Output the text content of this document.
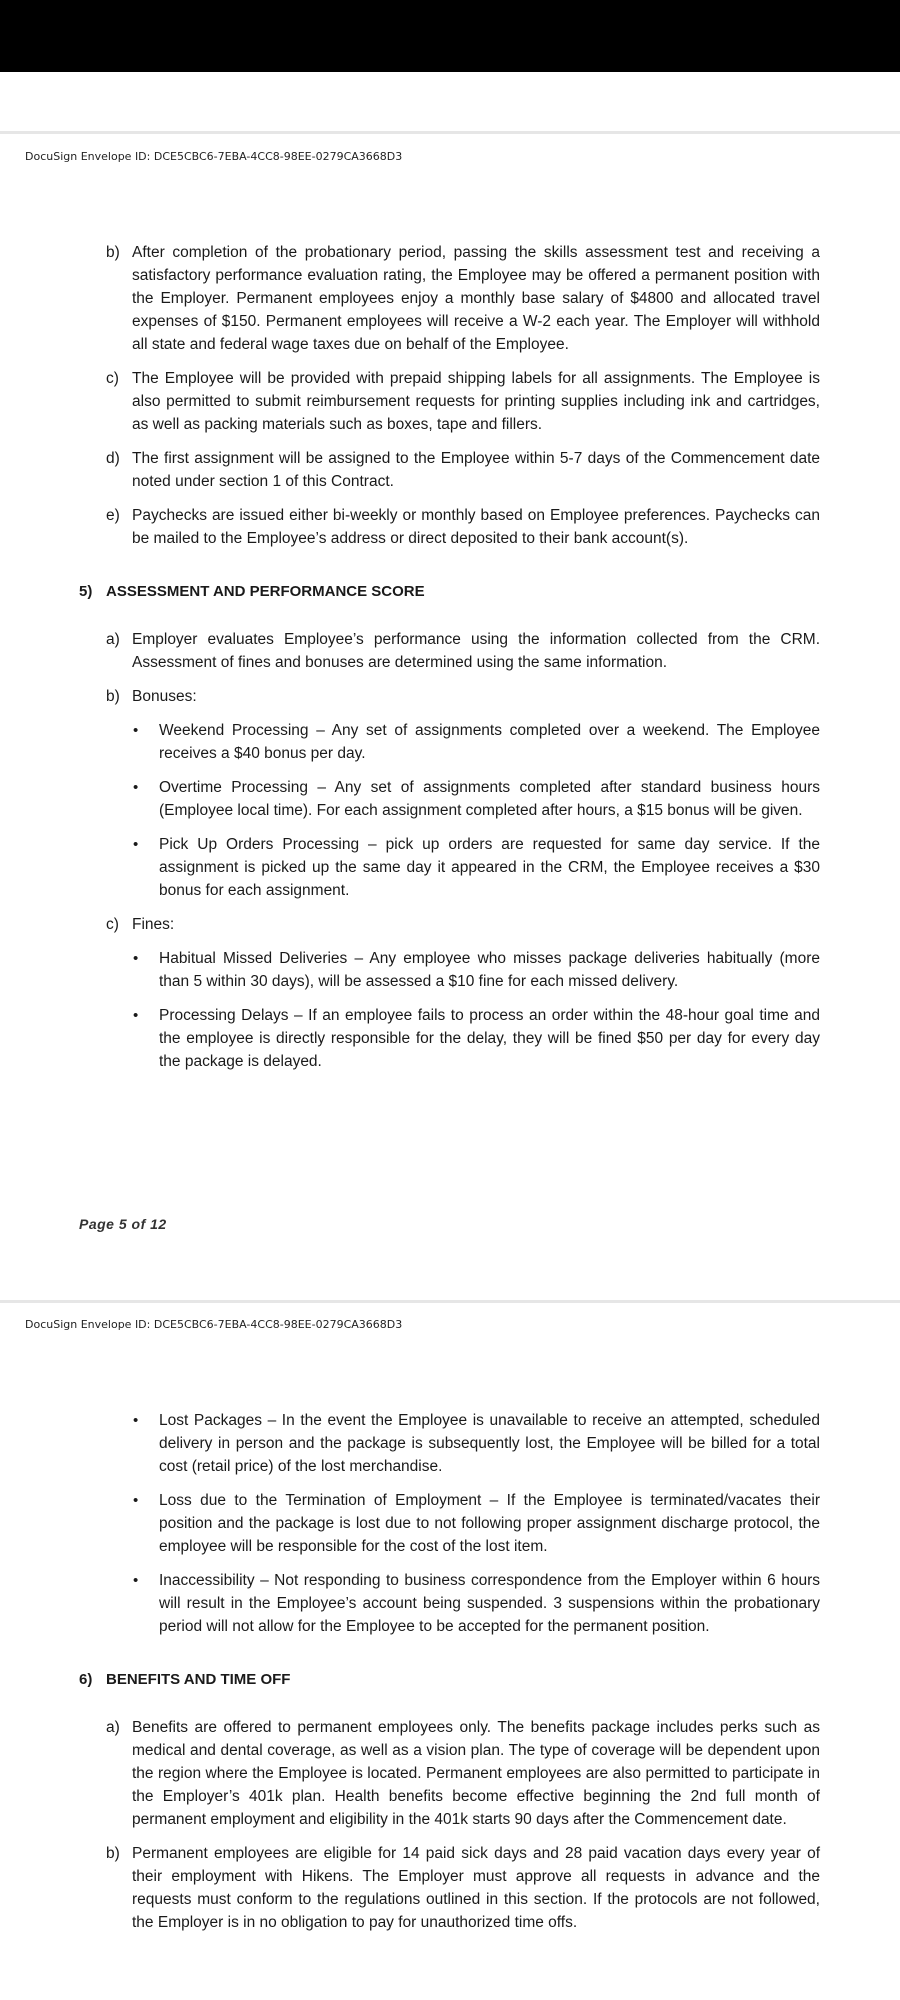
DocuSign Envelope ID: DCE5CBC6-7EBA-4CC8-98EE-0279CA3668D3
b) After completion of the probationary period, passing the skills assessment test and receiving a satisfactory performance evaluation rating, the Employee may be offered a permanent position with the Employer. Permanent employees enjoy a monthly base salary of $4800 and allocated travel expenses of $150. Permanent employees will receive a W-2 each year. The Employer will withhold all state and federal wage taxes due on behalf of the Employee.
c) The Employee will be provided with prepaid shipping labels for all assignments. The Employee is also permitted to submit reimbursement requests for printing supplies including ink and cartridges, as well as packing materials such as boxes, tape and fillers.
d) The first assignment will be assigned to the Employee within 5-7 days of the Commencement date noted under section 1 of this Contract.
e) Paychecks are issued either bi-weekly or monthly based on Employee preferences. Paychecks can be mailed to the Employee’s address or direct deposited to their bank account(s).
5) ASSESSMENT AND PERFORMANCE SCORE
a) Employer evaluates Employee’s performance using the information collected from the CRM. Assessment of fines and bonuses are determined using the same information.
b) Bonuses:
• Weekend Processing – Any set of assignments completed over a weekend. The Employee receives a $40 bonus per day.
• Overtime Processing – Any set of assignments completed after standard business hours (Employee local time). For each assignment completed after hours, a $15 bonus will be given.
• Pick Up Orders Processing – pick up orders are requested for same day service. If the assignment is picked up the same day it appeared in the CRM, the Employee receives a $30 bonus for each assignment.
c) Fines:
• Habitual Missed Deliveries – Any employee who misses package deliveries habitually (more than 5 within 30 days), will be assessed a $10 fine for each missed delivery.
• Processing Delays – If an employee fails to process an order within the 48-hour goal time and the employee is directly responsible for the delay, they will be fined $50 per day for every day the package is delayed.
Page 5 of 12
DocuSign Envelope ID: DCE5CBC6-7EBA-4CC8-98EE-0279CA3668D3
• Lost Packages – In the event the Employee is unavailable to receive an attempted, scheduled delivery in person and the package is subsequently lost, the Employee will be billed for a total cost (retail price) of the lost merchandise.
• Loss due to the Termination of Employment – If the Employee is terminated/vacates their position and the package is lost due to not following proper assignment discharge protocol, the employee will be responsible for the cost of the lost item.
• Inaccessibility – Not responding to business correspondence from the Employer within 6 hours will result in the Employee’s account being suspended. 3 suspensions within the probationary period will not allow for the Employee to be accepted for the permanent position.
6) BENEFITS AND TIME OFF
a) Benefits are offered to permanent employees only. The benefits package includes perks such as medical and dental coverage, as well as a vision plan. The type of coverage will be dependent upon the region where the Employee is located. Permanent employees are also permitted to participate in the Employer’s 401k plan. Health benefits become effective beginning the 2nd full month of permanent employment and eligibility in the 401k starts 90 days after the Commencement date.
b) Permanent employees are eligible for 14 paid sick days and 28 paid vacation days every year of their employment with Hikens. The Employer must approve all requests in advance and the requests must conform to the regulations outlined in this section. If the protocols are not followed, the Employer is in no obligation to pay for unauthorized time offs.
